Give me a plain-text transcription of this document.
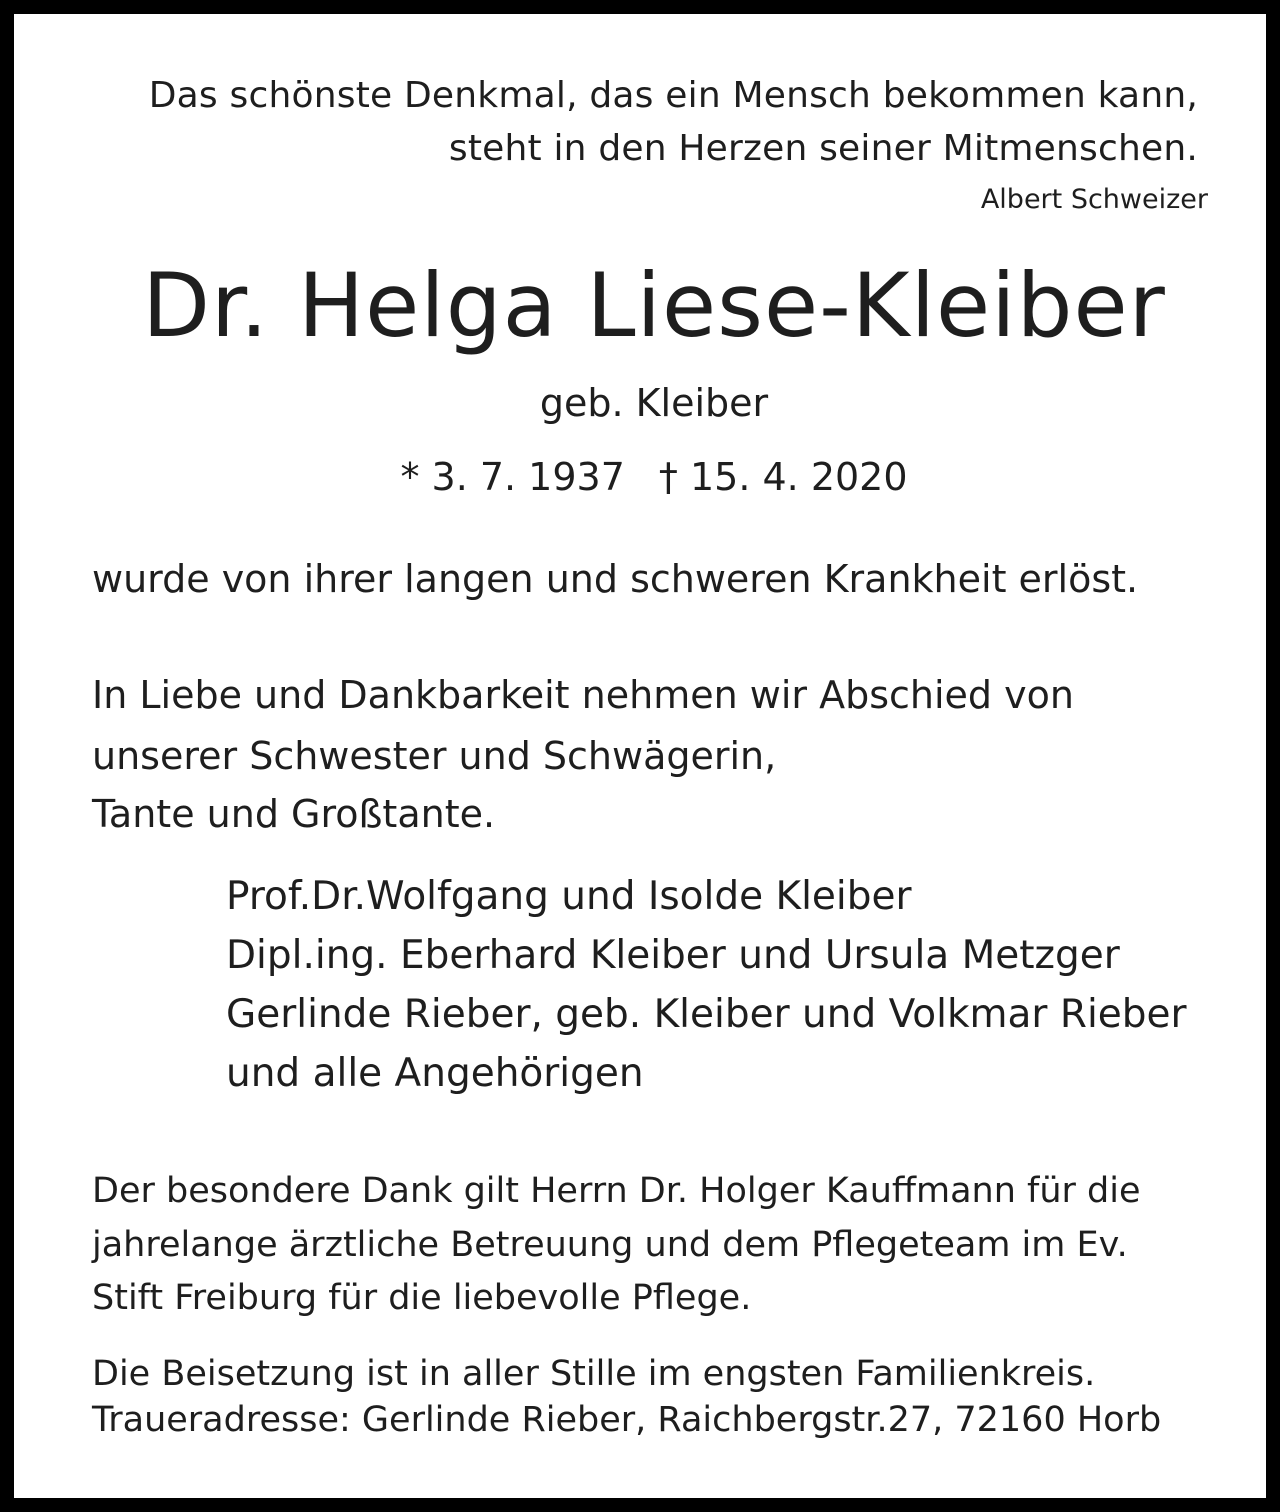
Das schönste Denkmal, das ein Mensch bekommen kann,

steht in den Herzen seiner Mitmenschen.

Albert Schweizer

Dr. Helga Liese-Kleiber

geb. Kleiber

* 3. 7. 1937 † 15. 4. 2020

wurde von ihrer langen und schweren Krankheit erlöst.

In Liebe und Dankbarkeit nehmen wir Abschied von

unserer Schwester und Schwägerin,

Tante und Großtante.

Prof.Dr.Wolfgang und Isolde Kleiber

Dipl.ing. Eberhard Kleiber und Ursula Metzger

Gerlinde Rieber, geb. Kleiber und Volkmar Rieber

und alle Angehörigen

Der besondere Dank gilt Herrn Dr. Holger Kauffmann für die

jahrelange ärztliche Betreuung und dem Pflegeteam im Ev.

Stift Freiburg für die liebevolle Pflege.

Die Beisetzung ist in aller Stille im engsten Familienkreis.

Traueradresse: Gerlinde Rieber, Raichbergstr.27, 72160 Horb
